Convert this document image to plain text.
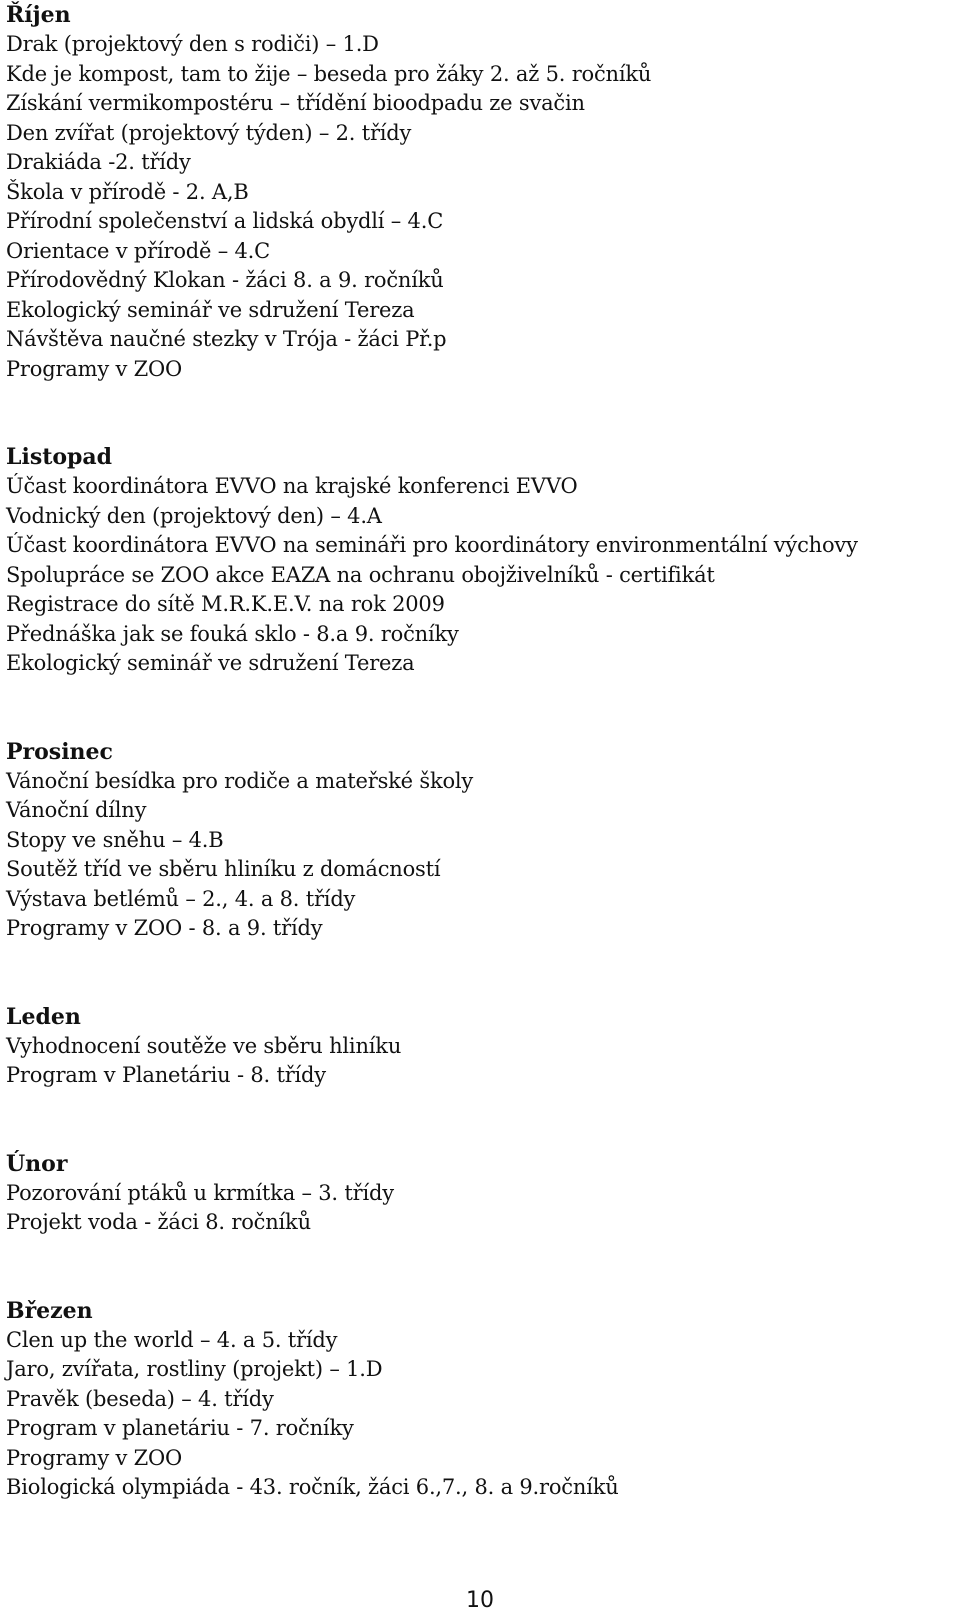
Říjen
Drak (projektový den s rodiči) – 1.D
Kde je kompost, tam to žije – beseda pro žáky 2. až 5. ročníků
Získání vermikompostéru – třídění bioodpadu ze svačin
Den zvířat (projektový týden) – 2. třídy
Drakiáda -2. třídy
Škola v přírodě - 2. A,B
Přírodní společenství a lidská obydlí – 4.C
Orientace v přírodě – 4.C
Přírodovědný Klokan - žáci 8. a 9. ročníků
Ekologický seminář ve sdružení Tereza
Návštěva naučné stezky v Trója - žáci Př.p
Programy v ZOO
Listopad
Účast koordinátora EVVO na krajské konferenci EVVO
Vodnický den (projektový den) – 4.A
Účast koordinátora EVVO na semináři pro koordinátory environmentální výchovy
Spolupráce se ZOO akce EAZA na ochranu obojživelníků - certifikát
Registrace do sítě M.R.K.E.V. na rok 2009
Přednáška jak se fouká sklo - 8.a 9. ročníky
Ekologický seminář ve sdružení Tereza
Prosinec
Vánoční besídka pro rodiče a mateřské školy
Vánoční dílny
Stopy ve sněhu – 4.B
Soutěž tříd ve sběru hliníku z domácností
Výstava betlémů – 2., 4. a 8. třídy
Programy v ZOO - 8. a 9. třídy
Leden
Vyhodnocení soutěže ve sběru hliníku
Program v Planetáriu - 8. třídy
Únor
Pozorování ptáků u krmítka – 3. třídy
Projekt voda - žáci 8. ročníků
Březen
Clen up the world – 4. a 5. třídy
Jaro, zvířata, rostliny (projekt) – 1.D
Pravěk (beseda) – 4. třídy
Program v planetáriu - 7. ročníky
Programy v ZOO
Biologická olympiáda - 43. ročník, žáci 6.,7., 8. a 9.ročníků
10
